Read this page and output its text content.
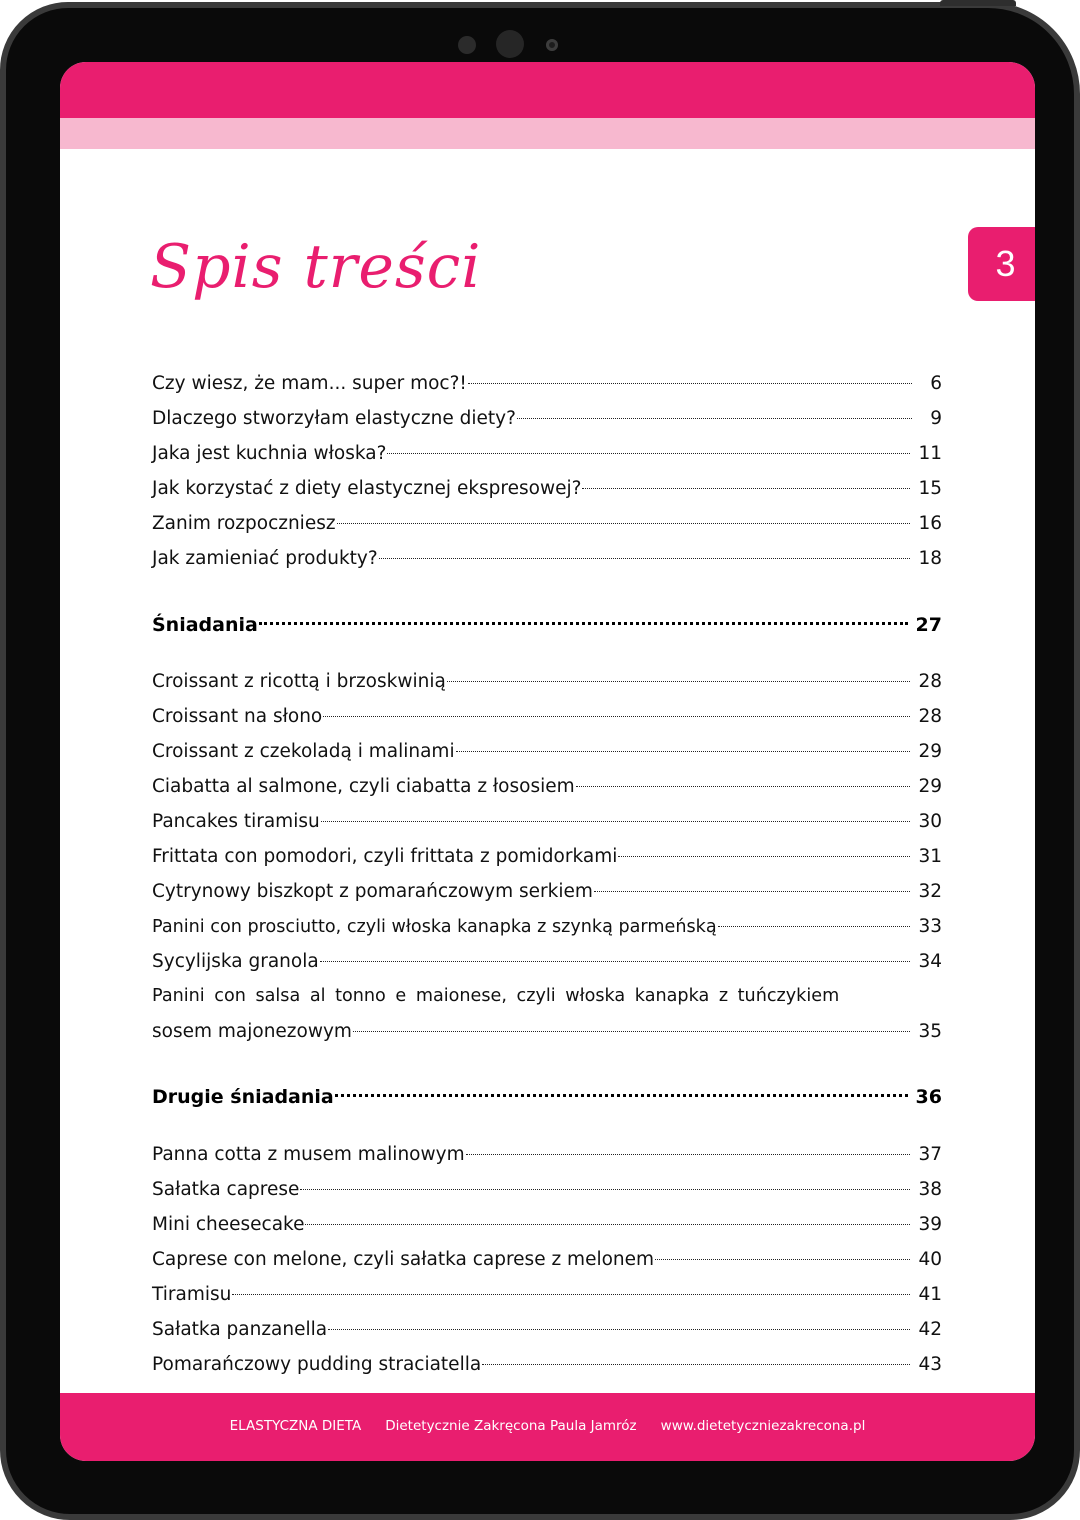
3
Spis treści
Czy wiesz, że mam... super moc?!	6
Dlaczego stworzyłam elastyczne diety?	9
Jaka jest kuchnia włoska?	11
Jak korzystać z diety elastycznej ekspresowej?	15
Zanim rozpoczniesz	16
Jak zamieniać produkty?	18
Śniadania	27
Croissant z ricottą i brzoskwinią	28
Croissant na słono	28
Croissant z czekoladą i malinami	29
Ciabatta al salmone, czyli ciabatta z łososiem	29
Pancakes tiramisu	30
Frittata con pomodori, czyli frittata z pomidorkami	31
Cytrynowy biszkopt z pomarańczowym serkiem	32
Panini con prosciutto, czyli włoska kanapka z szynką parmeńską	33
Sycylijska granola	34
Panini con salsa al tonno e maionese, czyli włoska kanapka z tuńczykiem
sosem majonezowym	35
Drugie śniadania	36
Panna cotta z musem malinowym	37
Sałatka caprese	38
Mini cheesecake	39
Caprese con melone, czyli sałatka caprese z melonem	40
Tiramisu	41
Sałatka panzanella	42
Pomarańczowy pudding straciatella	43
ELASTYCZNA DIETA Dietetycznie Zakręcona Paula Jamróz www.dietetyczniezakrecona.pl
